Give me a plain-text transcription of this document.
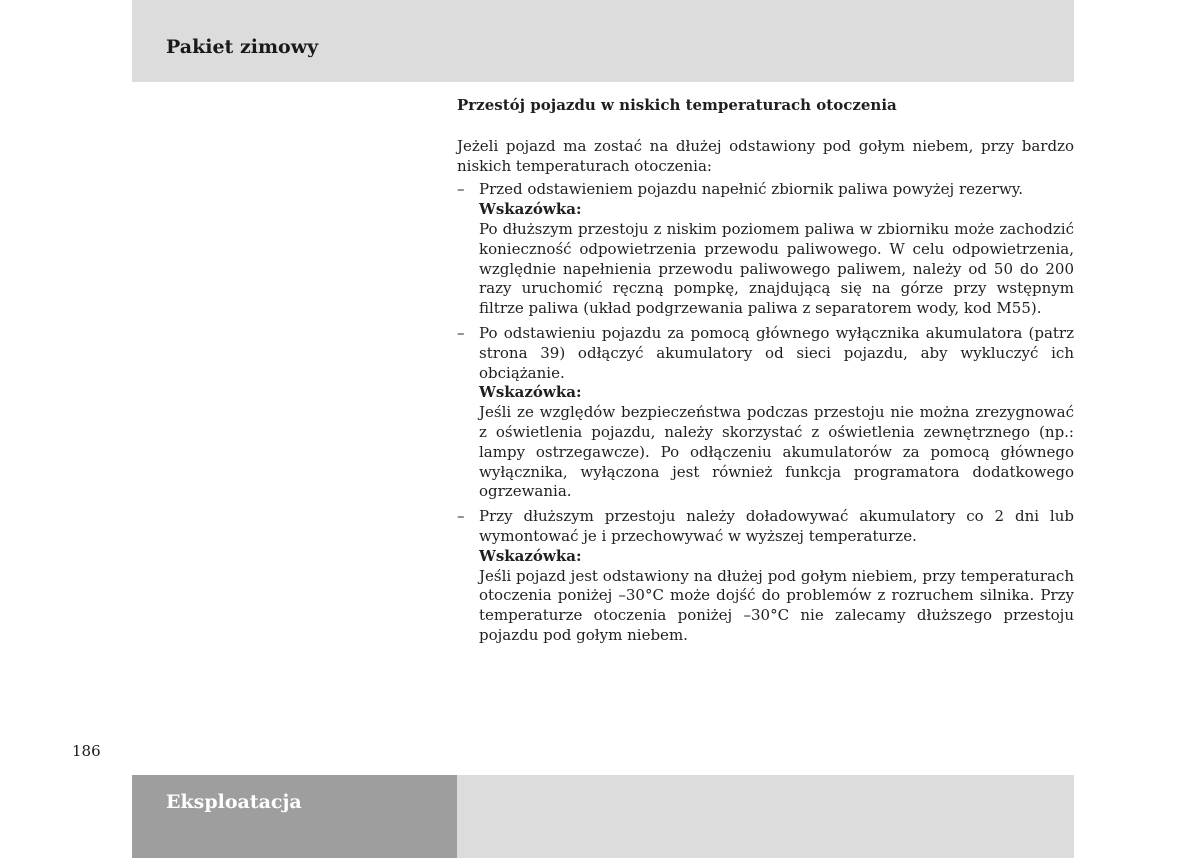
Pakiet zimowy
Przestój pojazdu w niskich temperaturach otoczenia
Jeżeli pojazd ma zostać na dłużej odstawiony pod gołym niebem, przy bardzo niskich temperaturach otoczenia:
– Przed odstawieniem pojazdu napełnić zbiornik paliwa powyżej rezerwy.
Wskazówka:
Po dłuższym przestoju z niskim poziomem paliwa w zbiorniku może zachodzić konieczność odpowietrzenia przewodu paliwowego. W celu odpowietrzenia, względnie napełnienia przewodu paliwowego paliwem, należy od 50 do 200 razy uruchomić ręczną pompkę, znajdującą się na górze przy wstępnym filtrze paliwa (układ podgrzewania paliwa z separatorem wody, kod M55).
– Po odstawieniu pojazdu za pomocą głównego wyłącznika akumulatora (patrz strona 39) odłączyć akumulatory od sieci pojazdu, aby wykluczyć ich obciążanie.
Wskazówka:
Jeśli ze względów bezpieczeństwa podczas przestoju nie można zrezygnować z oświetlenia pojazdu, należy skorzystać z oświetlenia zewnętrznego (np.: lampy ostrzegawcze). Po odłączeniu akumulatorów za pomocą głównego wyłącznika, wyłączona jest również funkcja programatora dodatkowego ogrzewania.
– Przy dłuższym przestoju należy doładowywać akumulatory co 2 dni lub wymontować je i przechowywać w wyższej temperaturze.
Wskazówka:
Jeśli pojazd jest odstawiony na dłużej pod gołym niebiem, przy temperaturach otoczenia poniżej –30°C może dojść do problemów z rozruchem silnika. Przy temperaturze otoczenia poniżej –30°C nie zalecamy dłuższego przestoju pojazdu pod gołym niebem.
186
Eksploatacja
